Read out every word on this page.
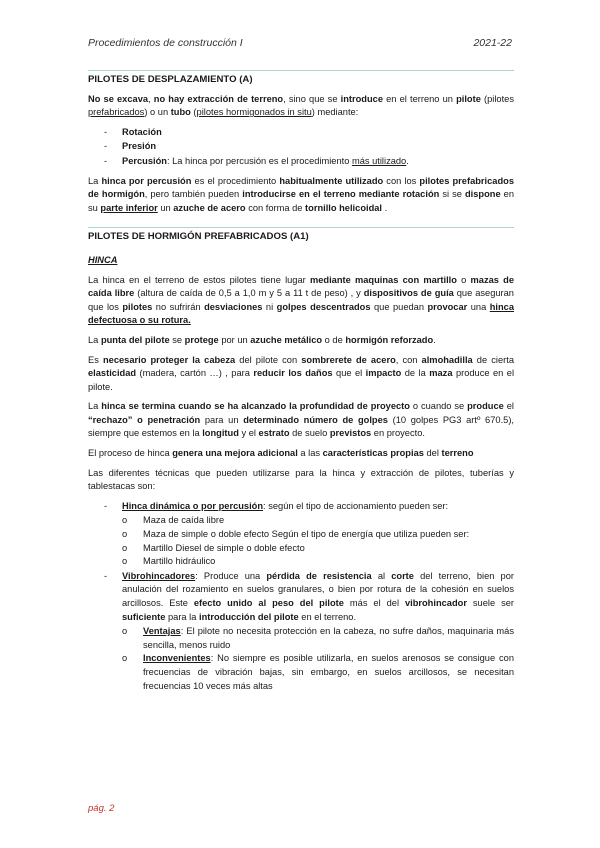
Procedimientos de construcción I	2021-22
PILOTES DE DESPLAZAMIENTO (A)

No se excava, no hay extracción de terreno, sino que se introduce en el terreno un pilote (pilotes prefabricados) o un tubo (pilotes hormigonados in situ) mediante:

- Rotación
- Presión
- Percusión: La hinca por percusión es el procedimiento más utilizado.

La hinca por percusión es el procedimiento habitualmente utilizado con los pilotes prefabricados de hormigón, pero también pueden introducirse en el terreno mediante rotación si se dispone en su parte inferior un azuche de acero con forma de tornillo helicoidal .

PILOTES DE HORMIGÓN PREFABRICADOS (A1)
HINCA

La hinca en el terreno de estos pilotes tiene lugar mediante maquinas con martillo o mazas de caída libre (altura de caída de 0,5 a 1,0 m y 5 a 11 t de peso) , y dispositivos de guía que aseguran que los pilotes no sufrirán desviaciones ni golpes descentrados que puedan provocar una hinca defectuosa o su rotura.

La punta del pilote se protege por un azuche metálico o de hormigón reforzado.

Es necesario proteger la cabeza del pilote con sombrerete de acero, con almohadilla de cierta elasticidad (madera, cartón …) , para reducir los daños que el impacto de la maza produce en el pilote.

La hinca se termina cuando se ha alcanzado la profundidad de proyecto o cuando se produce el “rechazo” o penetración para un determinado número de golpes (10 golpes PG3 artº 670.5), siempre que estemos en la longitud y el estrato de suelo previstos en proyecto.

El proceso de hinca genera una mejora adicional a las características propias del terreno

Las diferentes técnicas que pueden utilizarse para la hinca y extracción de pilotes, tuberías y tablestacas son:

- Hinca dinámica o por percusión: según el tipo de accionamiento pueden ser:
o Maza de caída libre
o Maza de simple o doble efecto Según el tipo de energía que utiliza pueden ser:
o Martillo Diesel de simple o doble efecto
o Martillo hidráulico
- Vibrohincadores: Produce una pérdida de resistencia al corte del terreno, bien por anulación del rozamiento en suelos granulares, o bien por rotura de la cohesión en suelos arcillosos. Este efecto unido al peso del pilote más el del vibrohincador suele ser suficiente para la introducción del pilote en el terreno.
o Ventajas: El pilote no necesita protección en la cabeza, no sufre daños, maquinaria más sencilla, menos ruido
o Inconvenientes: No siempre es posible utilizarla, en suelos arenosos se consigue con frecuencias de vibración bajas, sin embargo, en suelos arcillosos, se necesitan frecuencias 10 veces más altas
pág. 2
